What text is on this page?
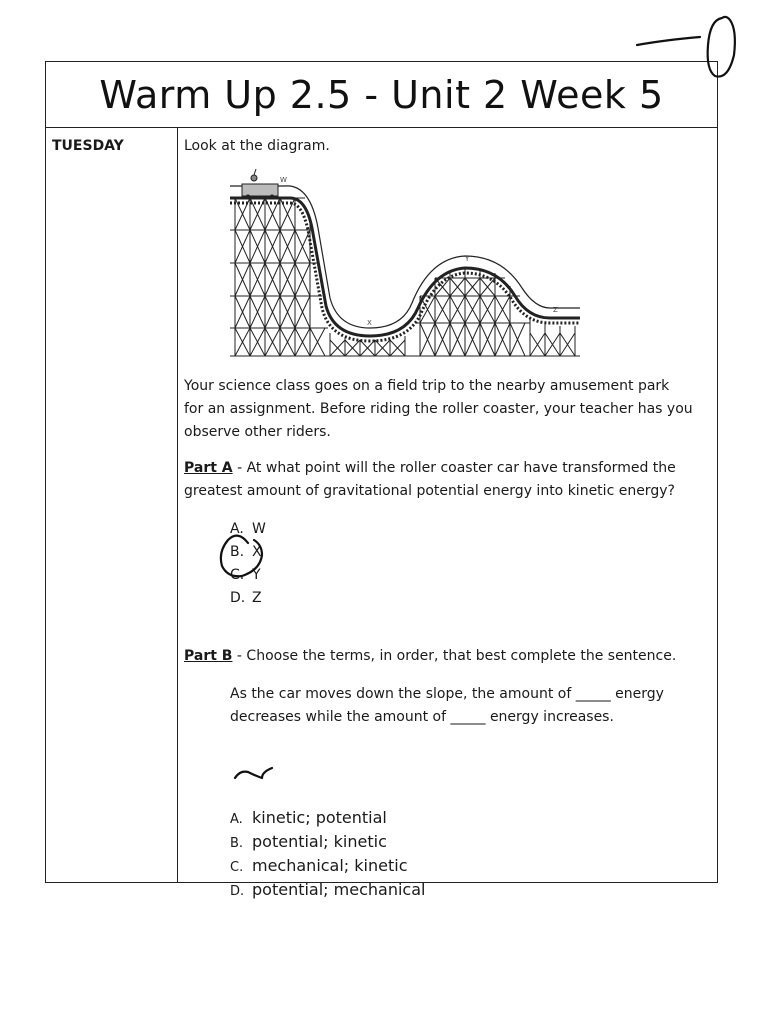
Warm Up 2.5 - Unit 2 Week 5

TUESDAY	Look at the diagram.

W
X
Y
Z

Your science class goes on a field trip to the nearby amusement park

for an assignment. Before riding the roller coaster, your teacher has you

observe other riders.

Part A - At what point will the roller coaster car have transformed the

greatest amount of gravitational potential energy into kinetic energy?

A. W

B. X

C. Y

D. Z

Part B - Choose the terms, in order, that best complete the sentence.

As the car moves down the slope, the amount of _____ energy

decreases while the amount of _____ energy increases.

A. kinetic; potential

B. potential; kinetic

C. mechanical; kinetic

D. potential; mechanical
